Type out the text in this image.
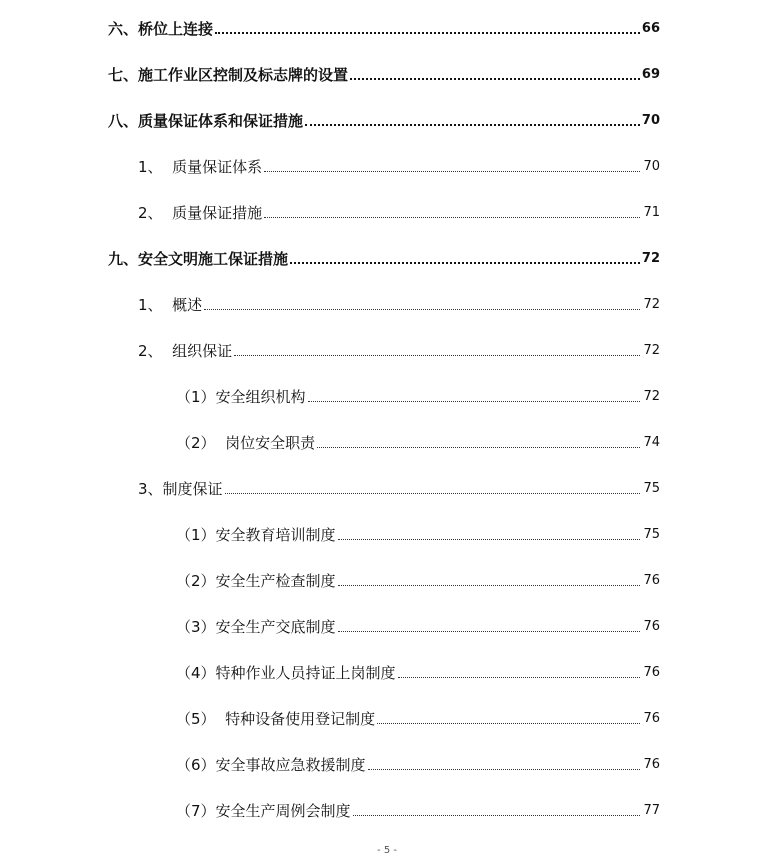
六、桥位上连接	66
七、施工作业区控制及标志牌的设置	69
八、质量保证体系和保证措施	70
1、  质量保证体系	70
2、  质量保证措施	71
九、安全文明施工保证措施	72
1、  概述	72
2、  组织保证	72
（1）安全组织机构	72
（2）  岗位安全职责	74
3、制度保证	75
（1）安全教育培训制度	75
（2）安全生产检查制度	76
（3）安全生产交底制度	76
（4）特种作业人员持证上岗制度	76
（5）  特种设备使用登记制度	76
（6）安全事故应急救援制度	76
（7）安全生产周例会制度	77
- 5 -
